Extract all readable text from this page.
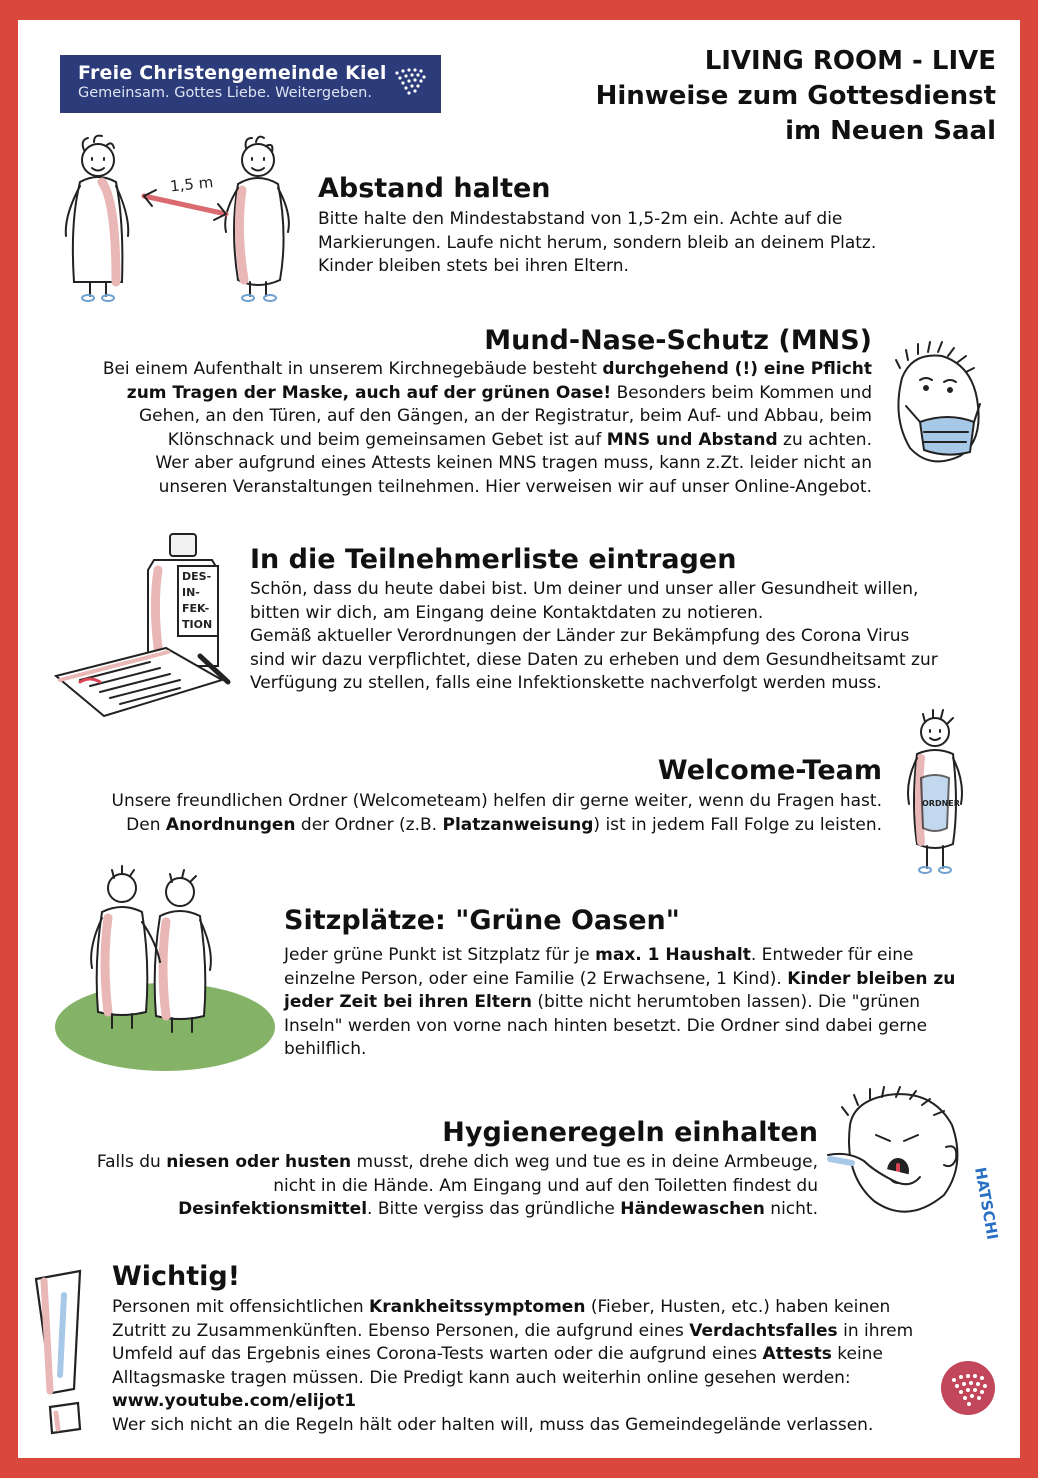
Freie Christengemeinde Kiel
Gemeinsam. Gottes Liebe. Weitergeben.
LIVING ROOM - LIVE
Hinweise zum Gottesdienst
im Neuen Saal
1,5 m	Abstand halten
Bitte halte den Mindestabstand von 1,5-2m ein. Achte auf die
Markierungen. Laufe nicht herum, sondern bleib an deinem Platz.
Kinder bleiben stets bei ihren Eltern.
Mund-Nase-Schutz (MNS)
Bei einem Aufenthalt in unserem Kirchnegebäude besteht durchgehend (!) eine Pflicht
zum Tragen der Maske, auch auf der grünen Oase! Besonders beim Kommen und
Gehen, an den Türen, auf den Gängen, an der Registratur, beim Auf- und Abbau, beim
Klönschnack und beim gemeinsamen Gebet ist auf MNS und Abstand zu achten.
Wer aber aufgrund eines Attests keinen MNS tragen muss, kann z.Zt. leider nicht an
unseren Veranstaltungen teilnehmen. Hier verweisen wir auf unser Online-Angebot.
DES-
IN-
FEK-
TION
In die Teilnehmerliste eintragen
Schön, dass du heute dabei bist. Um deiner und unser aller Gesundheit willen,
bitten wir dich, am Eingang deine Kontaktdaten zu notieren.
Gemäß aktueller Verordnungen der Länder zur Bekämpfung des Corona Virus
sind wir dazu verpflichtet, diese Daten zu erheben und dem Gesundheitsamt zur
Verfügung zu stellen, falls eine Infektionskette nachverfolgt werden muss.
Welcome-Team
Unsere freundlichen Ordner (Welcometeam) helfen dir gerne weiter, wenn du Fragen hast.
Den Anordnungen der Ordner (z.B. Platzanweisung) ist in jedem Fall Folge zu leisten.
ORDNER
Sitzplätze: "Grüne Oasen"
Jeder grüne Punkt ist Sitzplatz für je max. 1 Haushalt. Entweder für eine
einzelne Person, oder eine Familie (2 Erwachsene, 1 Kind). Kinder bleiben zu
jeder Zeit bei ihren Eltern (bitte nicht herumtoben lassen). Die "grünen
Inseln" werden von vorne nach hinten besetzt. Die Ordner sind dabei gerne
behilflich.
Hygieneregeln einhalten
Falls du niesen oder husten musst, drehe dich weg und tue es in deine Armbeuge,
nicht in die Hände. Am Eingang und auf den Toiletten findest du
Desinfektionsmittel. Bitte vergiss das gründliche Händewaschen nicht.	HATSCHI
Wichtig!
Personen mit offensichtlichen Krankheitssymptomen (Fieber, Husten, etc.) haben keinen
Zutritt zu Zusammenkünften. Ebenso Personen, die aufgrund eines Verdachtsfalles in ihrem
Umfeld auf das Ergebnis eines Corona-Tests warten oder die aufgrund eines Attests keine
Alltagsmaske tragen müssen. Die Predigt kann auch weiterhin online gesehen werden:
www.youtube.com/elijot1
Wer sich nicht an die Regeln hält oder halten will, muss das Gemeindegelände verlassen.
